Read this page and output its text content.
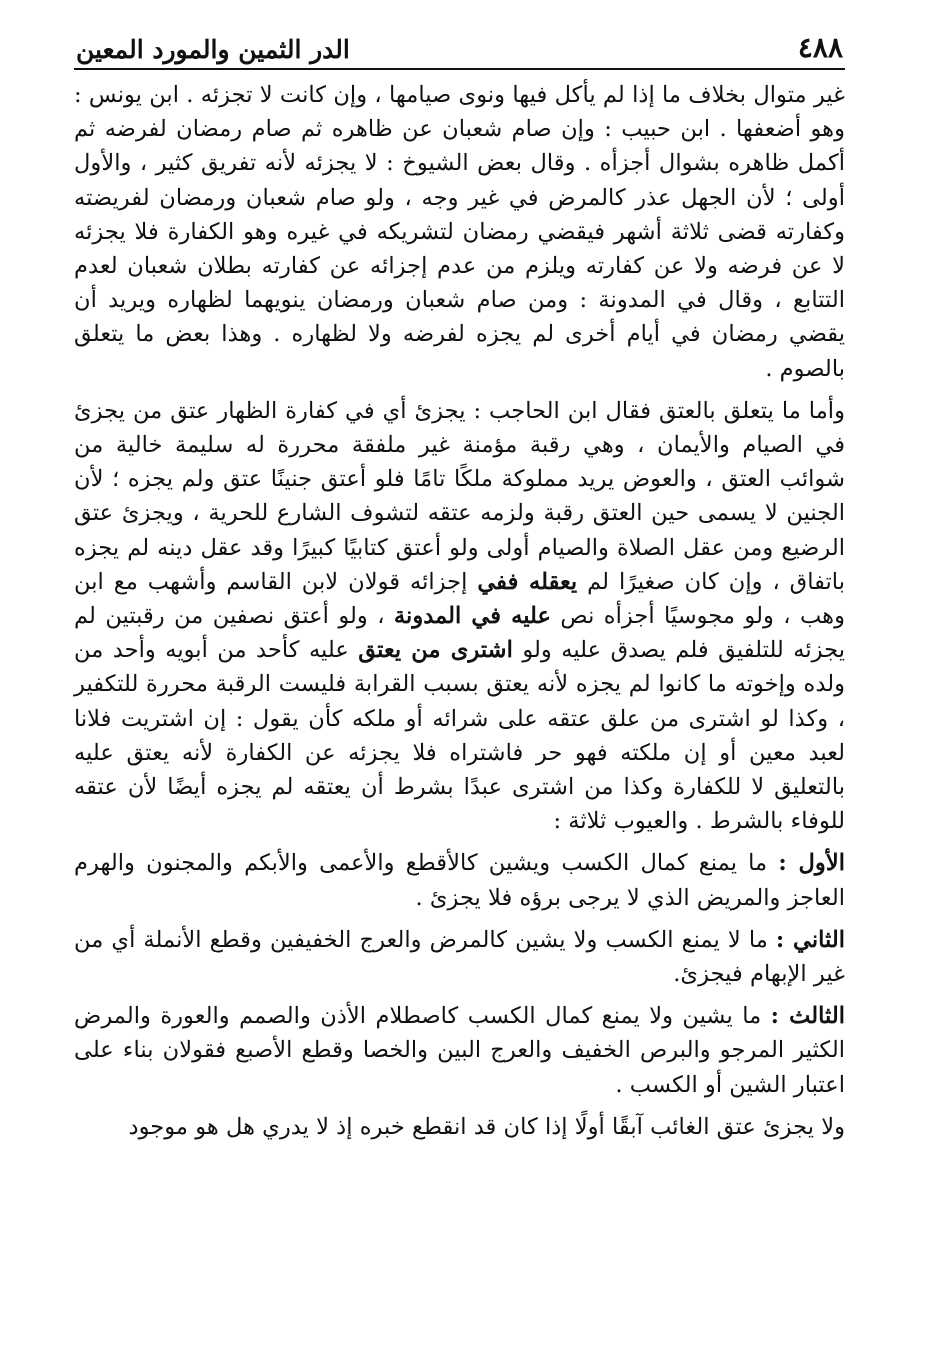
٤٨٨
الدر الثمين والمورد المعين

غير متوال بخلاف ما إذا لم يأكل فيها ونوى صيامها ، وإن كانت لا تجزئه . ابن يونس : وهو أضعفها . ابن حبيب : وإن صام شعبان عن ظاهره ثم صام رمضان لفرضه ثم أكمل ظاهره بشوال أجزأه . وقال بعض الشيوخ : لا يجزئه لأنه تفريق كثير ، والأول أولى ؛ لأن الجهل عذر كالمرض في غير وجه ، ولو صام شعبان ورمضان لفريضته وكفارته قضى ثلاثة أشهر فيقضي رمضان لتشريكه في غيره وهو الكفارة فلا يجزئه لا عن فرضه ولا عن كفارته ويلزم من عدم إجزائه عن كفارته بطلان شعبان لعدم التتابع ، وقال في المدونة : ومن صام شعبان ورمضان ينويهما لظهاره ويريد أن يقضي رمضان في أيام أخرى لم يجزه لفرضه ولا لظهاره . وهذا بعض ما يتعلق بالصوم .

وأما ما يتعلق بالعتق فقال ابن الحاجب : يجزئ أي في كفارة الظهار عتق من يجزئ في الصيام والأيمان ، وهي رقبة مؤمنة غير ملفقة محررة له سليمة خالية من شوائب العتق ، والعوض يريد مملوكة ملكًا تامًا فلو أعتق جنينًا عتق ولم يجزه ؛ لأن الجنين لا يسمى حين العتق رقبة ولزمه عتقه لتشوف الشارع للحرية ، ويجزئ عتق الرضيع ومن عقل الصلاة والصيام أولى ولو أعتق كتابيًا كبيرًا وقد عقل دينه لم يجزه باتفاق ، وإن كان صغيرًا لم يعقله ففي إجزائه قولان لابن القاسم وأشهب مع ابن وهب ، ولو مجوسيًا أجزأه نص عليه في المدونة ، ولو أعتق نصفين من رقبتين لم يجزئه للتلفيق فلم يصدق عليه ولو اشترى من يعتق عليه كأحد من أبويه وأحد من ولده وإخوته ما كانوا لم يجزه لأنه يعتق بسبب القرابة فليست الرقبة محررة للتكفير ، وكذا لو اشترى من علق عتقه على شرائه أو ملكه كأن يقول : إن اشتريت فلانا لعبد معين أو إن ملكته فهو حر فاشتراه فلا يجزئه عن الكفارة لأنه يعتق عليه بالتعليق لا للكفارة وكذا من اشترى عبدًا بشرط أن يعتقه لم يجزه أيضًا لأن عتقه للوفاء بالشرط . والعيوب ثلاثة :

الأول : ما يمنع كمال الكسب ويشين كالأقطع والأعمى والأبكم والمجنون والهرم العاجز والمريض الذي لا يرجى برؤه فلا يجزئ .

الثاني : ما لا يمنع الكسب ولا يشين كالمرض والعرج الخفيفين وقطع الأنملة أي من غير الإبهام فيجزئ.

الثالث : ما يشين ولا يمنع كمال الكسب كاصطلام الأذن والصمم والعورة والمرض الكثير المرجو والبرص الخفيف والعرج البين والخصا وقطع الأصبع فقولان بناء على اعتبار الشين أو الكسب .

ولا يجزئ عتق الغائب آبقًا أولًا إذا كان قد انقطع خبره إذ لا يدري هل هو موجود
